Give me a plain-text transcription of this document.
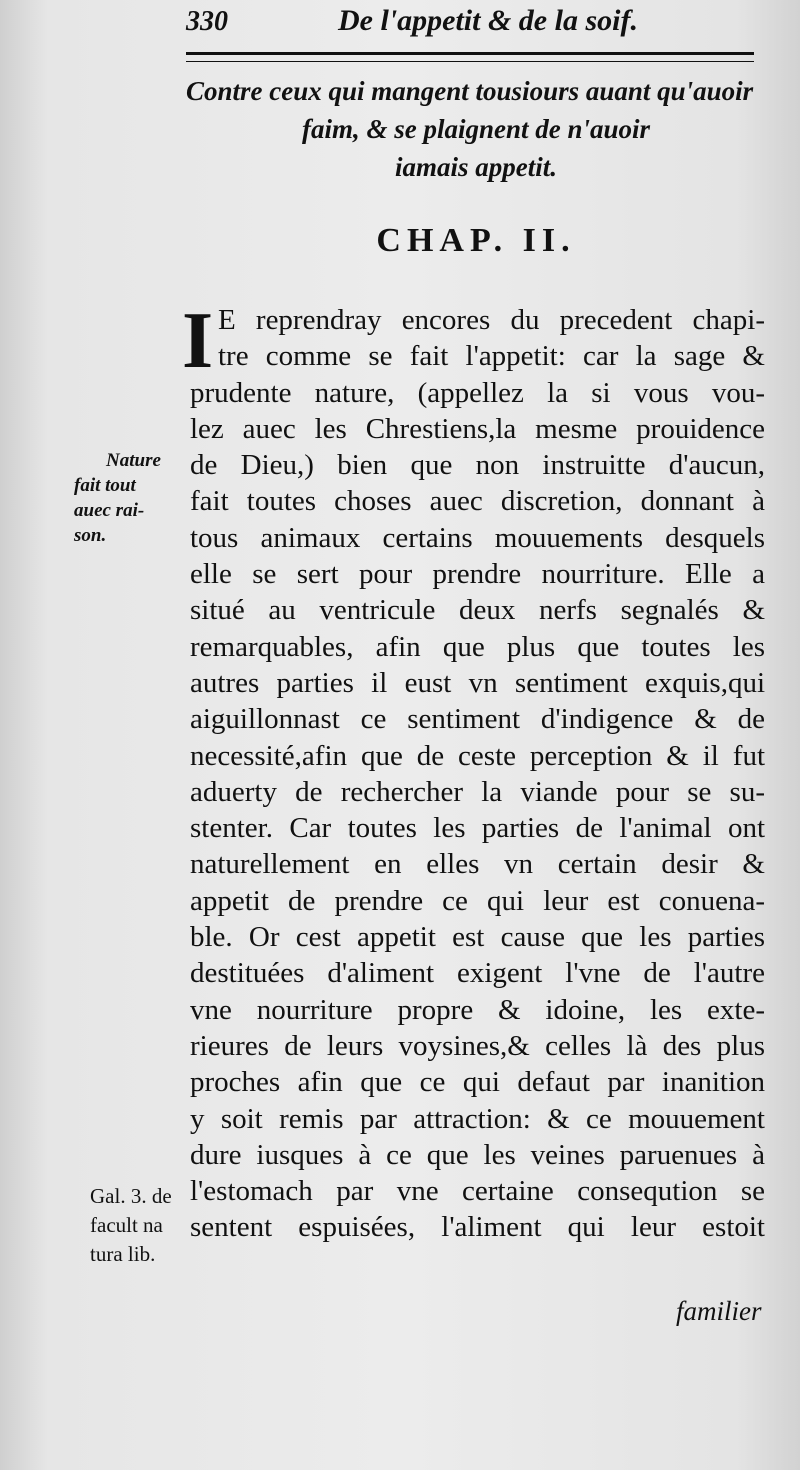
330	De l'appetit & de la soif.
Contre ceux qui mangent tousiours auant qu'auoir
faim, & se plaignent de n'auoir
iamais appetit.
CHAP. II.
I E reprendray encores du precedent chapi-
tre comme se fait l'appetit: car la sage &
prudente nature, (appellez la si vous vou-
lez auec les Chrestiens,la mesme prouidence
de Dieu,) bien que non instruitte d'aucun,
fait toutes choses auec discretion, donnant à
tous animaux certains mouuements desquels
elle se sert pour prendre nourriture. Elle a
situé au ventricule deux nerfs segnalés &
remarquables, afin que plus que toutes les
autres parties il eust vn sentiment exquis,qui
aiguillonnast ce sentiment d'indigence & de
necessité,afin que de ceste perception & il fut
aduerty de rechercher la viande pour se su-
stenter. Car toutes les parties de l'animal ont
naturellement en elles vn certain desir &
appetit de prendre ce qui leur est conuena-
ble. Or cest appetit est cause que les parties
destituées d'aliment exigent l'vne de l'autre
vne nourriture propre & idoine, les exte-
rieures de leurs voysines,& celles là des plus
proches afin que ce qui defaut par inanition
y soit remis par attraction: & ce mouuement
dure iusques à ce que les veines paruenues à
l'estomach par vne certaine conseqution se
sentent espuisées, l'aliment qui leur estoit
Nature
fait tout
auec rai-
son.
Gal. 3. de
facult na
tura lib.
familier
